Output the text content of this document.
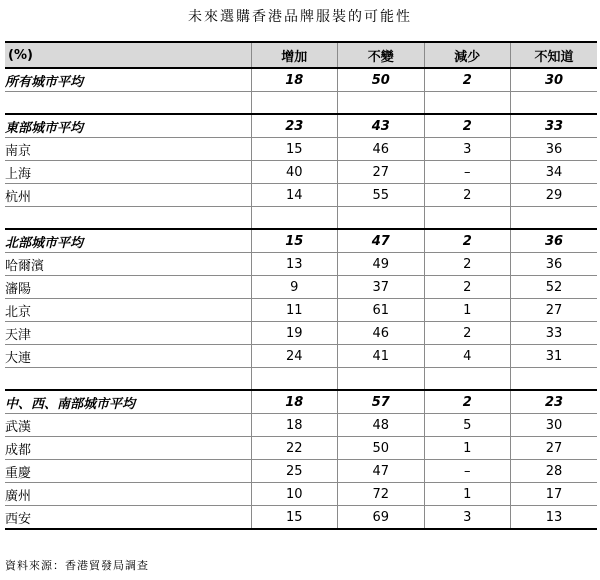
未來選購香港品牌服裝的可能性
(%)	增加	不變	減少	不知道
所有城市平均	18	50	2	30

東部城市平均	23	43	2	33
南京	15	46	3	36
上海	40	27	–	34
杭州	14	55	2	29

北部城市平均	15	47	2	36
哈爾濱	13	49	2	36
瀋陽	9	37	2	52
北京	11	61	1	27
天津	19	46	2	33
大連	24	41	4	31

中、西、南部城市平均	18	57	2	23
武漢	18	48	5	30
成都	22	50	1	27
重慶	25	47	–	28
廣州	10	72	1	17
西安	15	69	3	13
資料來源：香港貿發局調查
